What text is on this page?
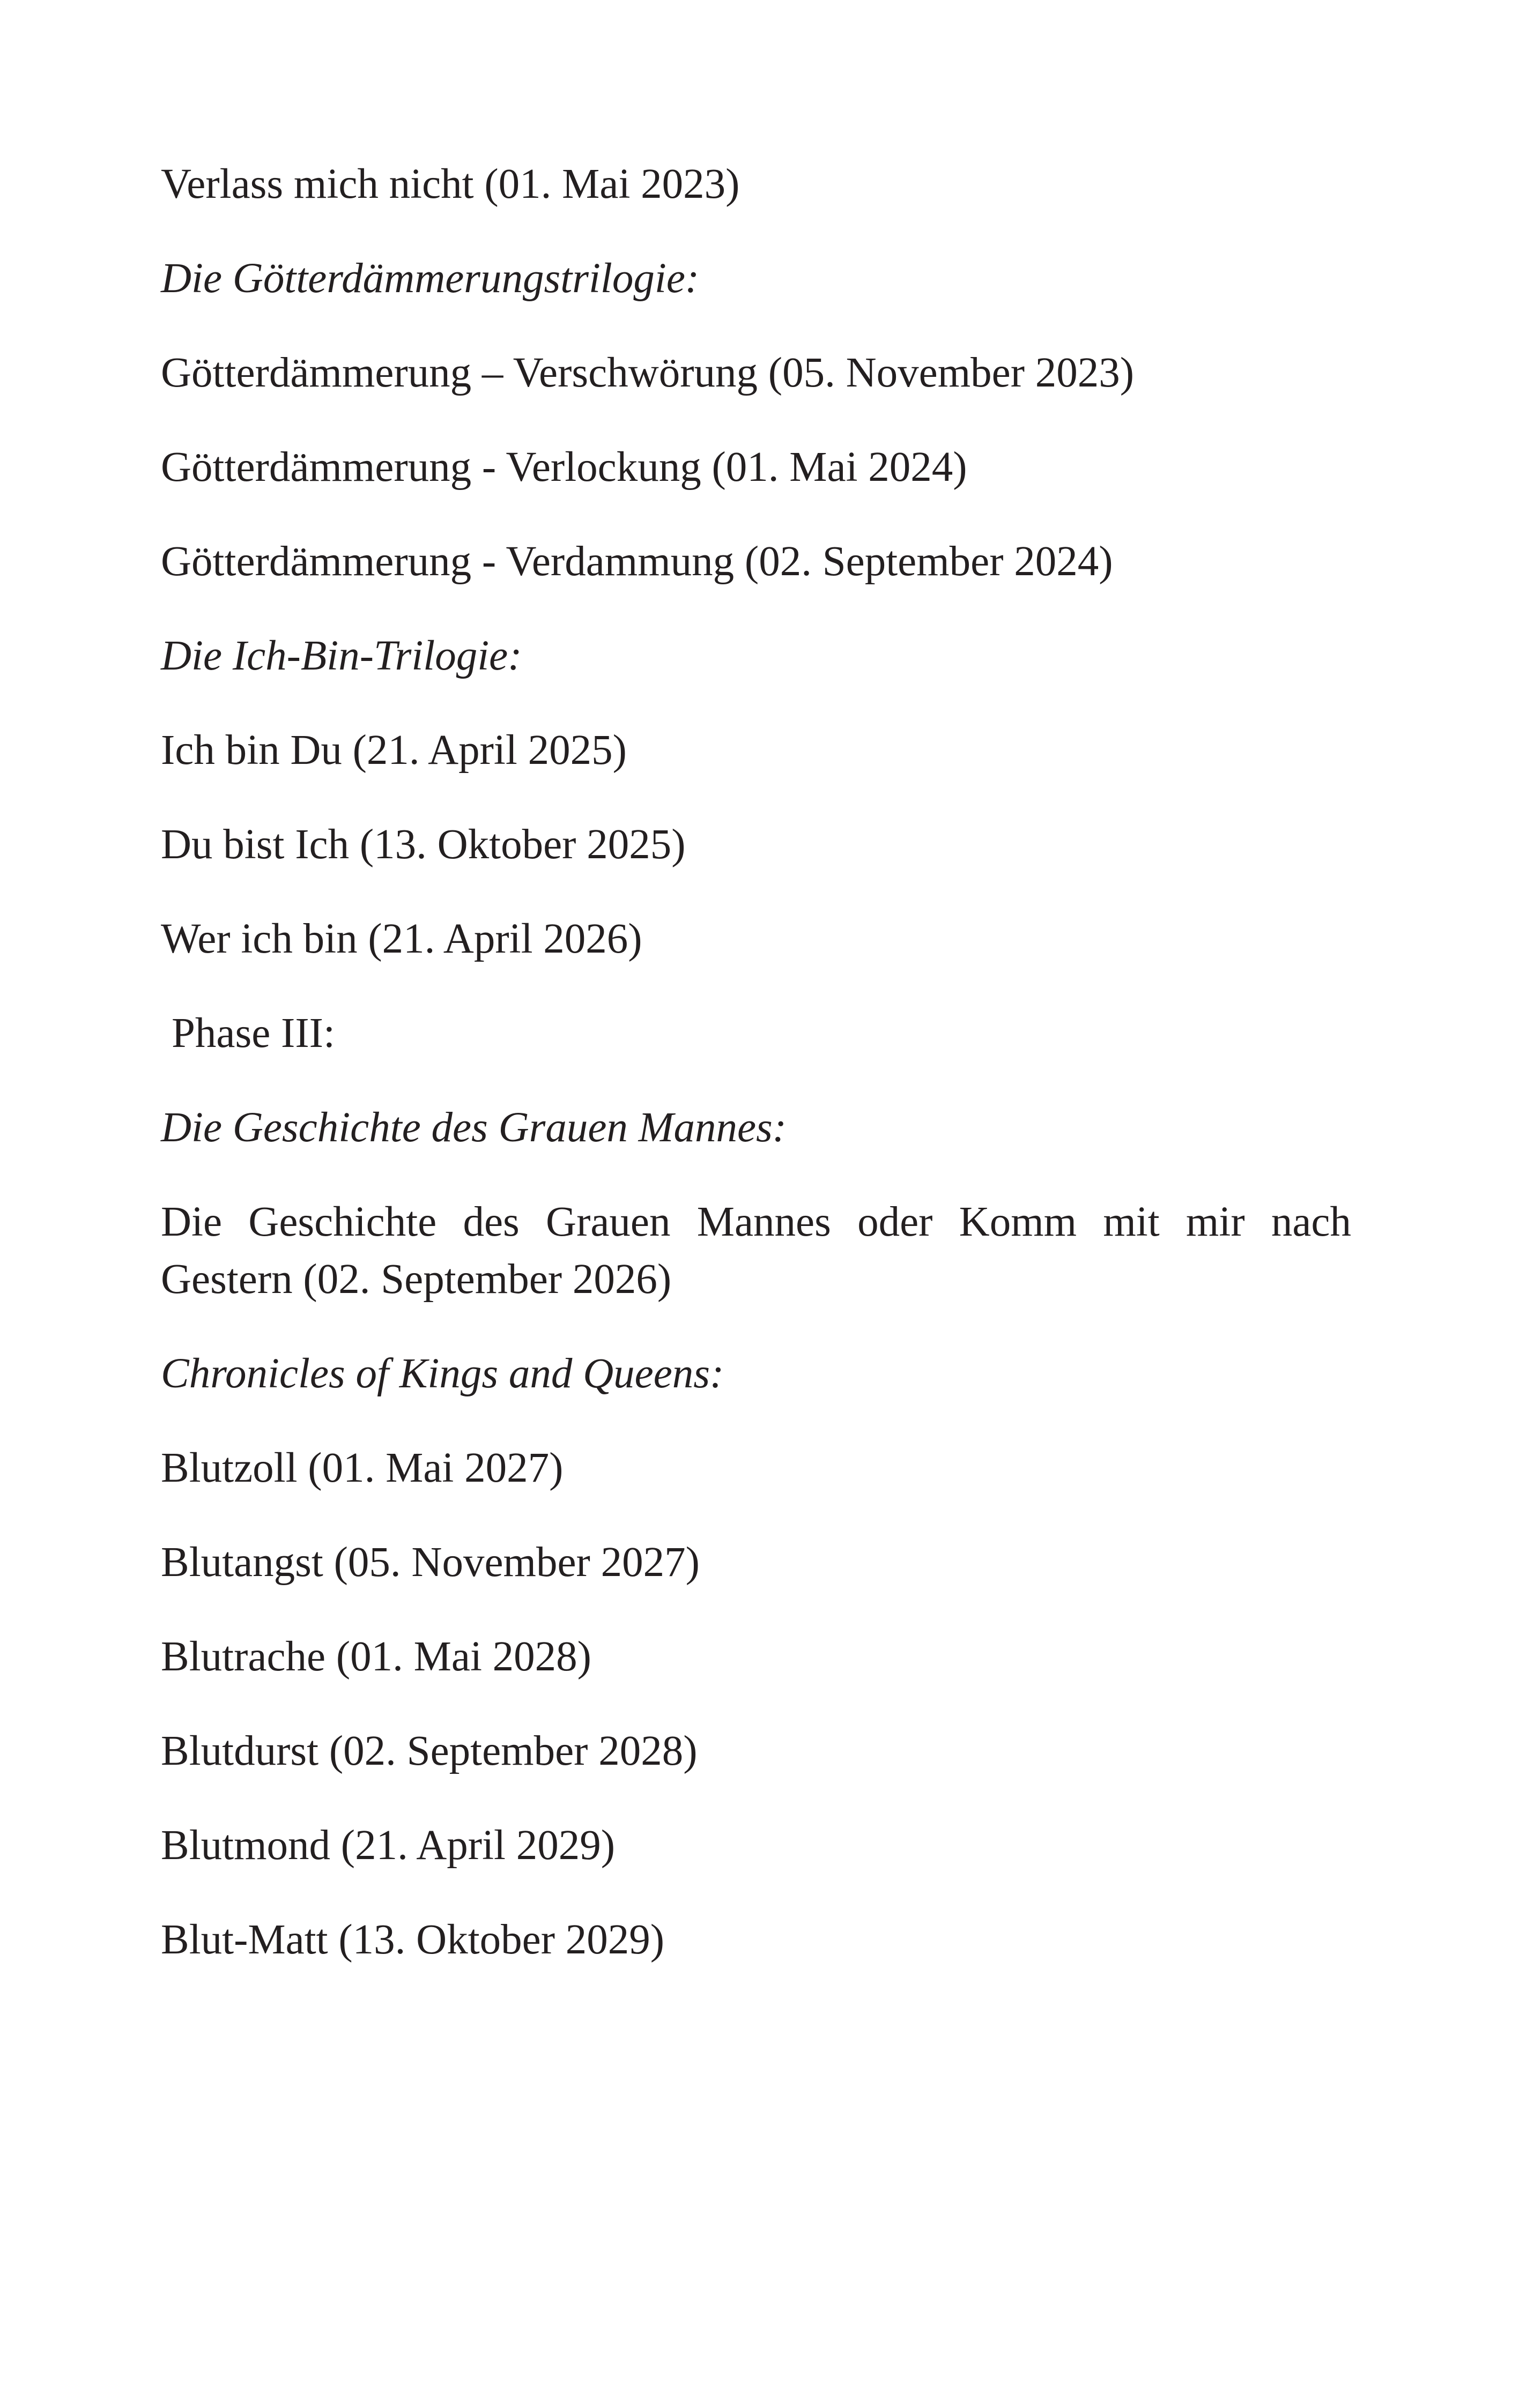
Verlass mich nicht (01. Mai 2023)

Die Götterdämmerungstrilogie:

Götterdämmerung – Verschwörung (05. November 2023)

Götterdämmerung - Verlockung (01. Mai 2024)

Götterdämmerung - Verdammung (02. September 2024)

Die Ich-Bin-Trilogie:

Ich bin Du (21. April 2025)

Du bist Ich (13. Oktober 2025)

Wer ich bin (21. April 2026)

Phase III:

Die Geschichte des Grauen Mannes:

Die Geschichte des Grauen Mannes oder Komm mit mir nach Gestern (02. September 2026)

Chronicles of Kings and Queens:

Blutzoll (01. Mai 2027)

Blutangst (05. November 2027)

Blutrache (01. Mai 2028)

Blutdurst (02. September 2028)

Blutmond (21. April 2029)

Blut-Matt (13. Oktober 2029)
